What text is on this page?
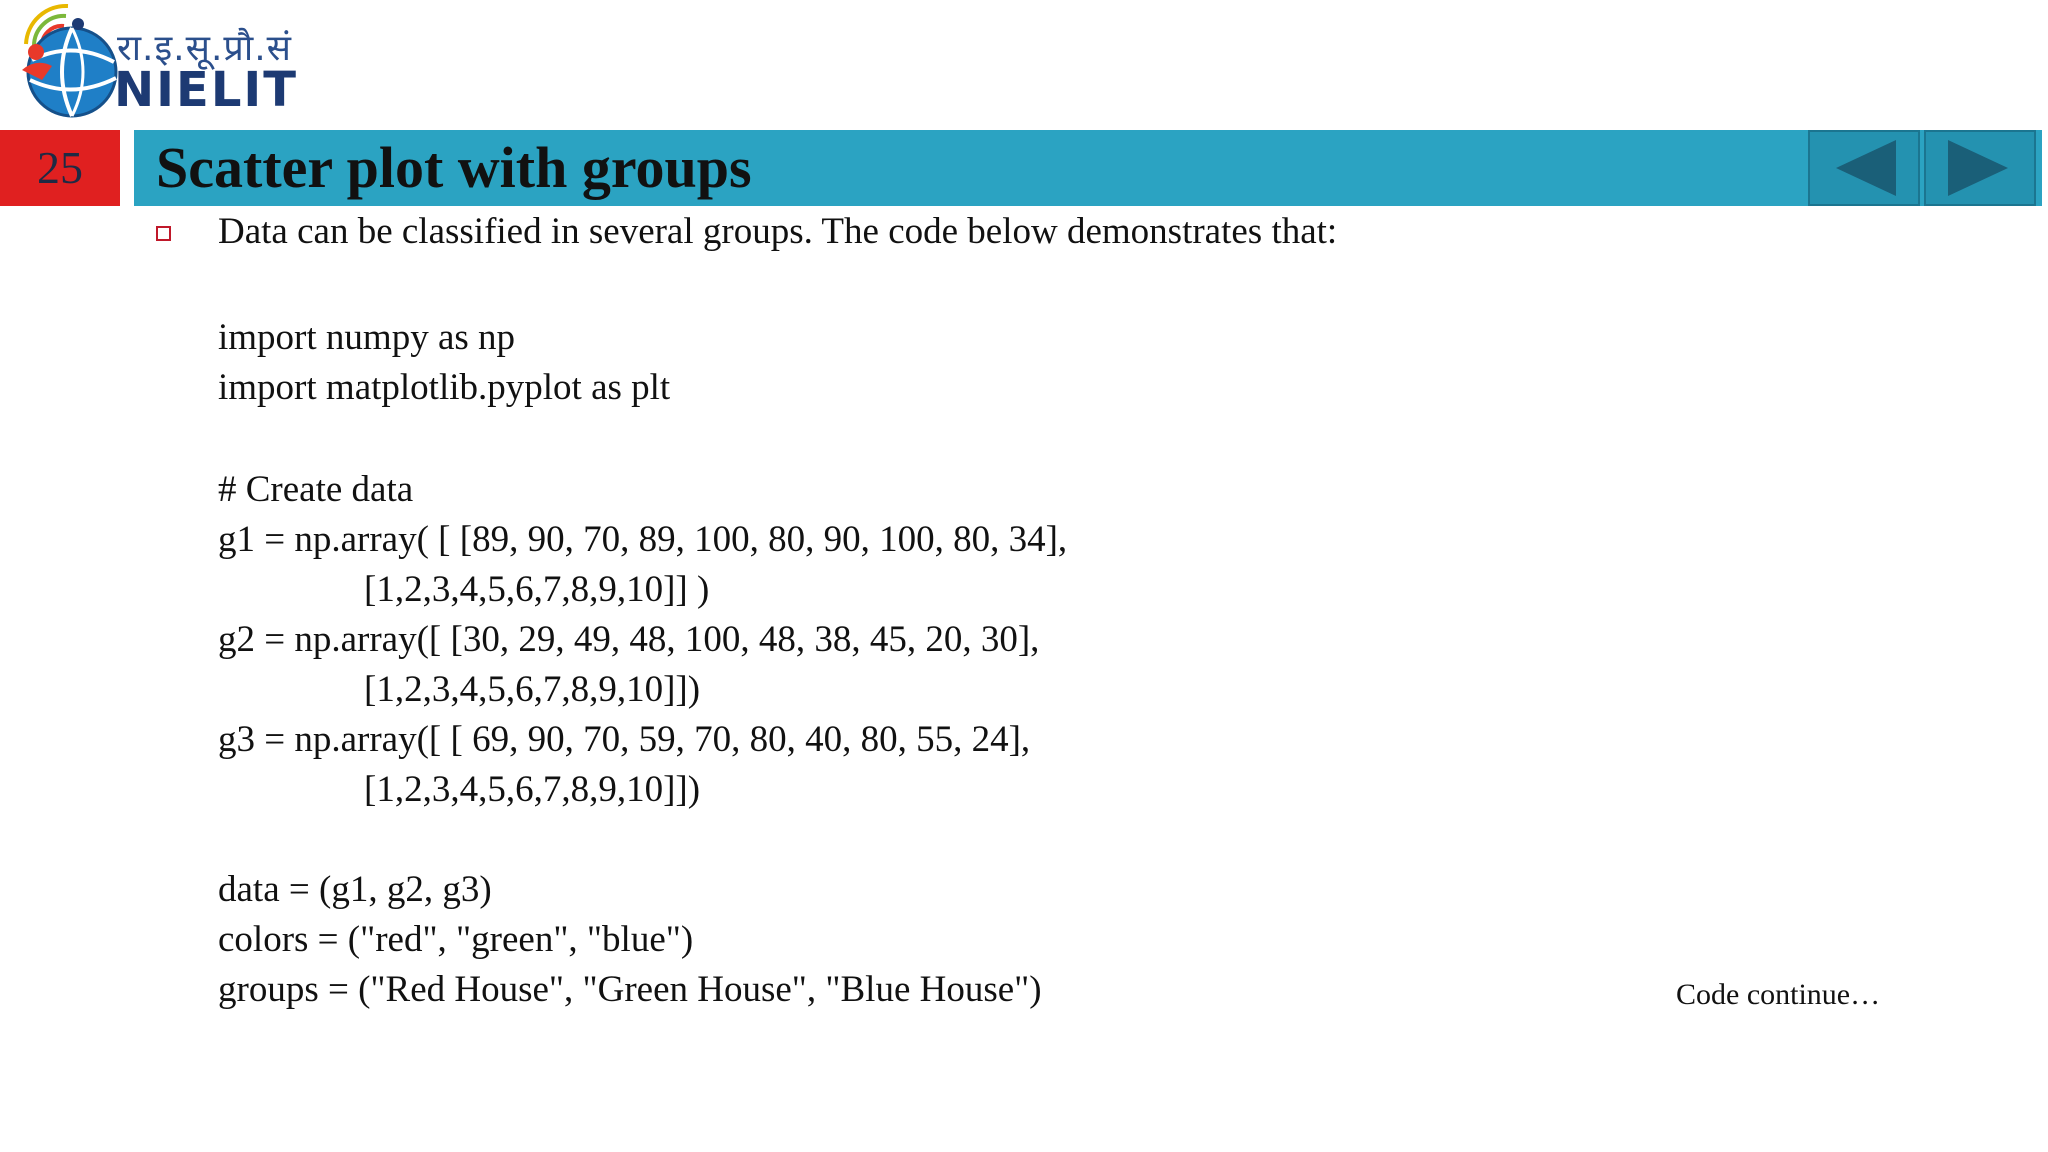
रा.इ.सू.प्रौ.सं
NIELIT
25	Scatter plot with groups
Data can be classified in several groups. The code below demonstrates that:
import numpy as np
import matplotlib.pyplot as plt
# Create data
g1 = np.array( [ [89, 90, 70, 89, 100, 80, 90, 100, 80, 34],
[1,2,3,4,5,6,7,8,9,10]] )
g2 = np.array([ [30, 29, 49, 48, 100, 48, 38, 45, 20, 30],
[1,2,3,4,5,6,7,8,9,10]])
g3 = np.array([ [ 69, 90, 70, 59, 70, 80, 40, 80, 55, 24],
[1,2,3,4,5,6,7,8,9,10]])
data = (g1, g2, g3)
colors = ("red", "green", "blue")
groups = ("Red House", "Green House", "Blue House")	Code continue…
